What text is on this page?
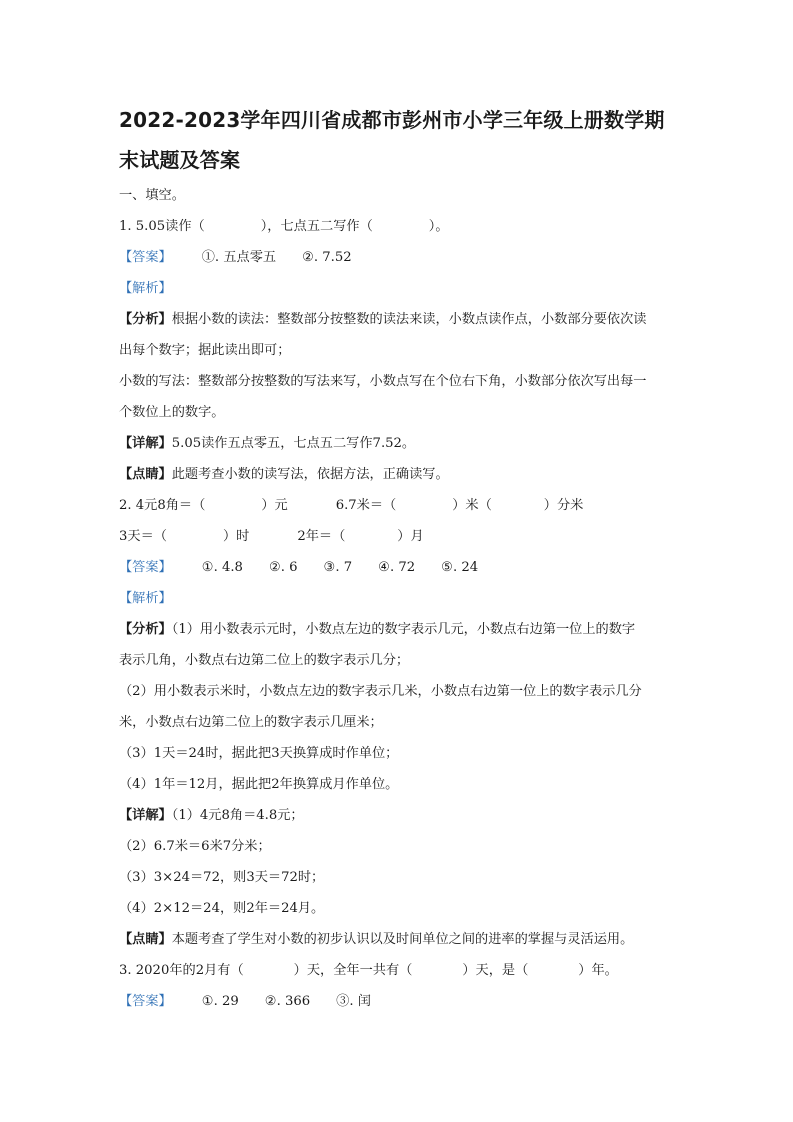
2022-2023学年四川省成都市彭州市小学三年级上册数学期
末试题及答案
一、填空。
1. 5.05读作（	），七点五二写作（	）。
【答案】 ①. 五点零五 ②. 7.52
【解析】
【分析】根据小数的读法：整数部分按整数的读法来读，小数点读作点，小数部分要依次读
出每个数字；据此读出即可；
小数的写法：整数部分按整数的写法来写，小数点写在个位右下角，小数部分依次写出每一
个数位上的数字。
【详解】5.05读作五点零五，七点五二写作7.52。
【点睛】此题考查小数的读写法，依据方法，正确读写。
2. 4元8角＝（	）元	6.7米＝（	）米（	）分米
3天＝（	）时	2年＝（	）月
【答案】 ①. 4.8 ②. 6 ③. 7 ④. 72 ⑤. 24
【解析】
【分析】（1）用小数表示元时，小数点左边的数字表示几元，小数点右边第一位上的数字
表示几角，小数点右边第二位上的数字表示几分；
（2）用小数表示米时，小数点左边的数字表示几米，小数点右边第一位上的数字表示几分
米，小数点右边第二位上的数字表示几厘米；
（3）1天＝24时，据此把3天换算成时作单位；
（4）1年＝12月，据此把2年换算成月作单位。
【详解】（1）4元8角＝4.8元；
（2）6.7米＝6米7分米；
（3）3×24＝72，则3天＝72时；
（4）2×12＝24，则2年＝24月。
【点睛】本题考查了学生对小数的初步认识以及时间单位之间的进率的掌握与灵活运用。
3. 2020年的2月有（	）天，全年一共有（	）天，是（	）年。
【答案】 ①. 29 ②. 366 ③. 闰
